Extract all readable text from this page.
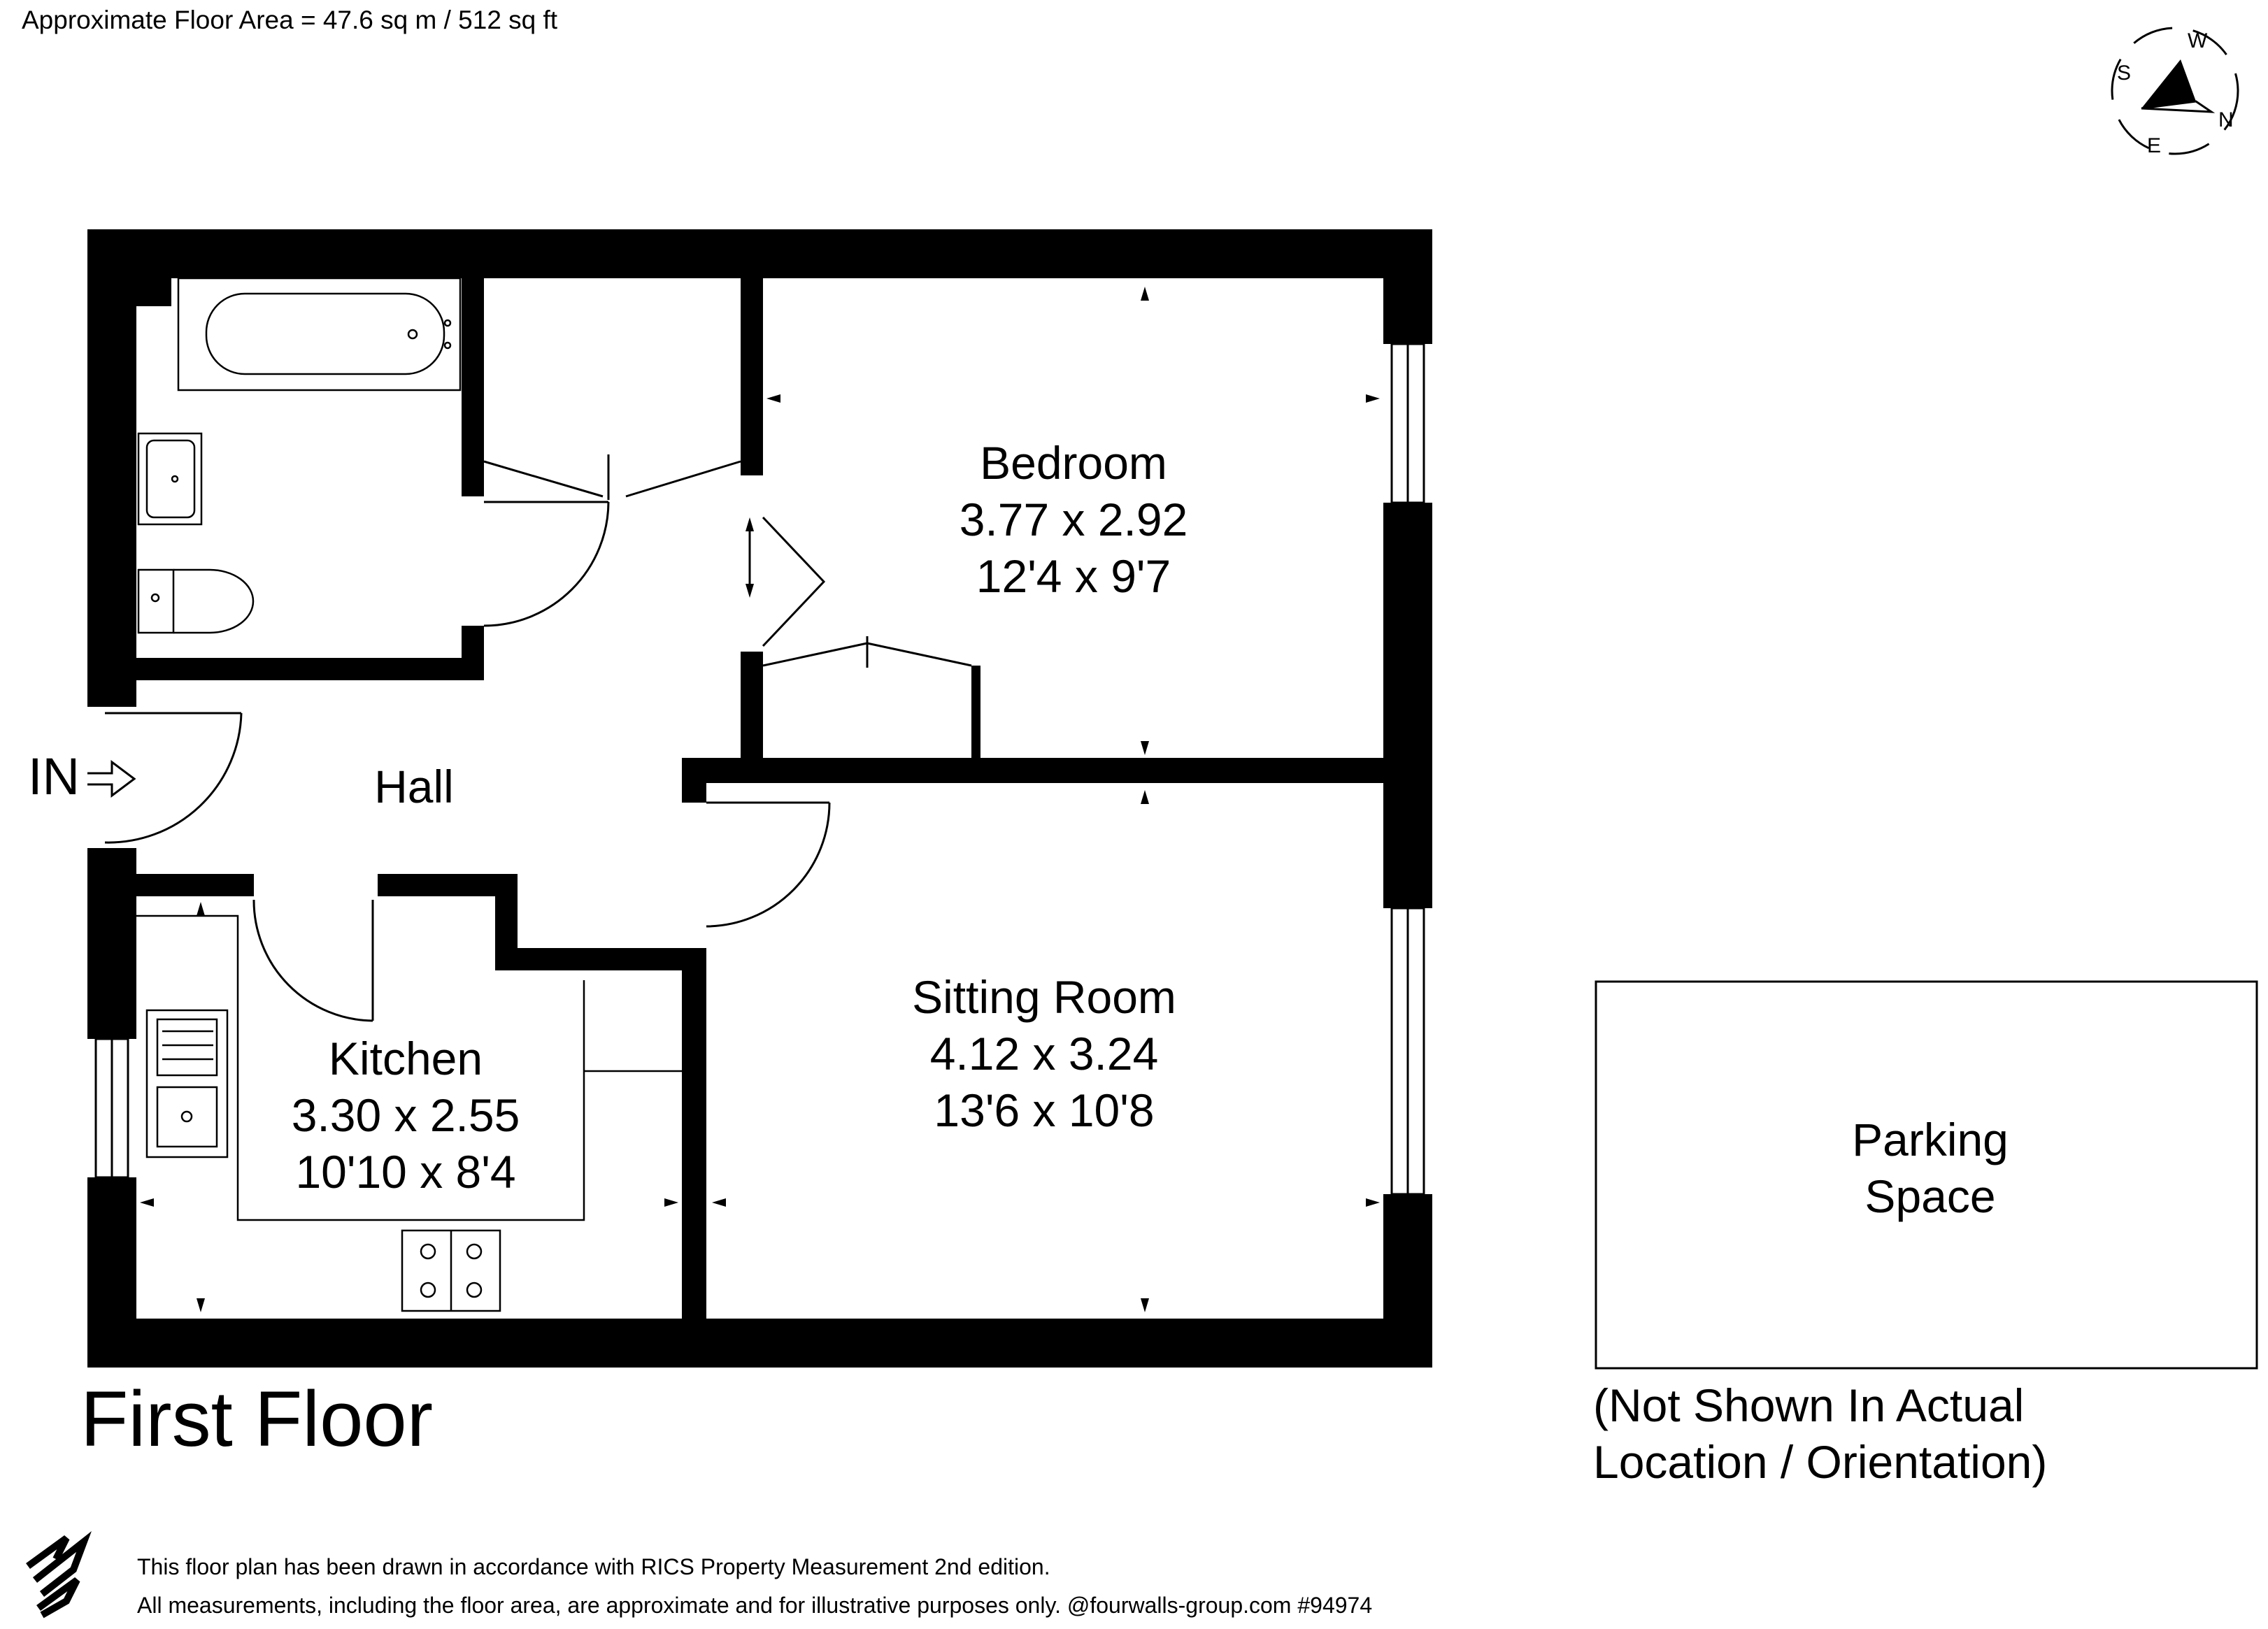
Approximate Floor Area = 47.6 sq m / 512 sq ft
W
S
N
E
IN
Bedroom
3.77 x 2.92
12'4 x 9'7
Hall
Kitchen
3.30 x 2.55
10'10 x 8'4
Sitting Room
4.12 x 3.24
13'6 x 10'8
Parking
Space
(Not Shown In Actual
Location / Orientation)
First Floor
This floor plan has been drawn in accordance with RICS Property Measurement 2nd edition.
All measurements, including the floor area, are approximate and for illustrative purposes only. @fourwalls-group.com #94974
